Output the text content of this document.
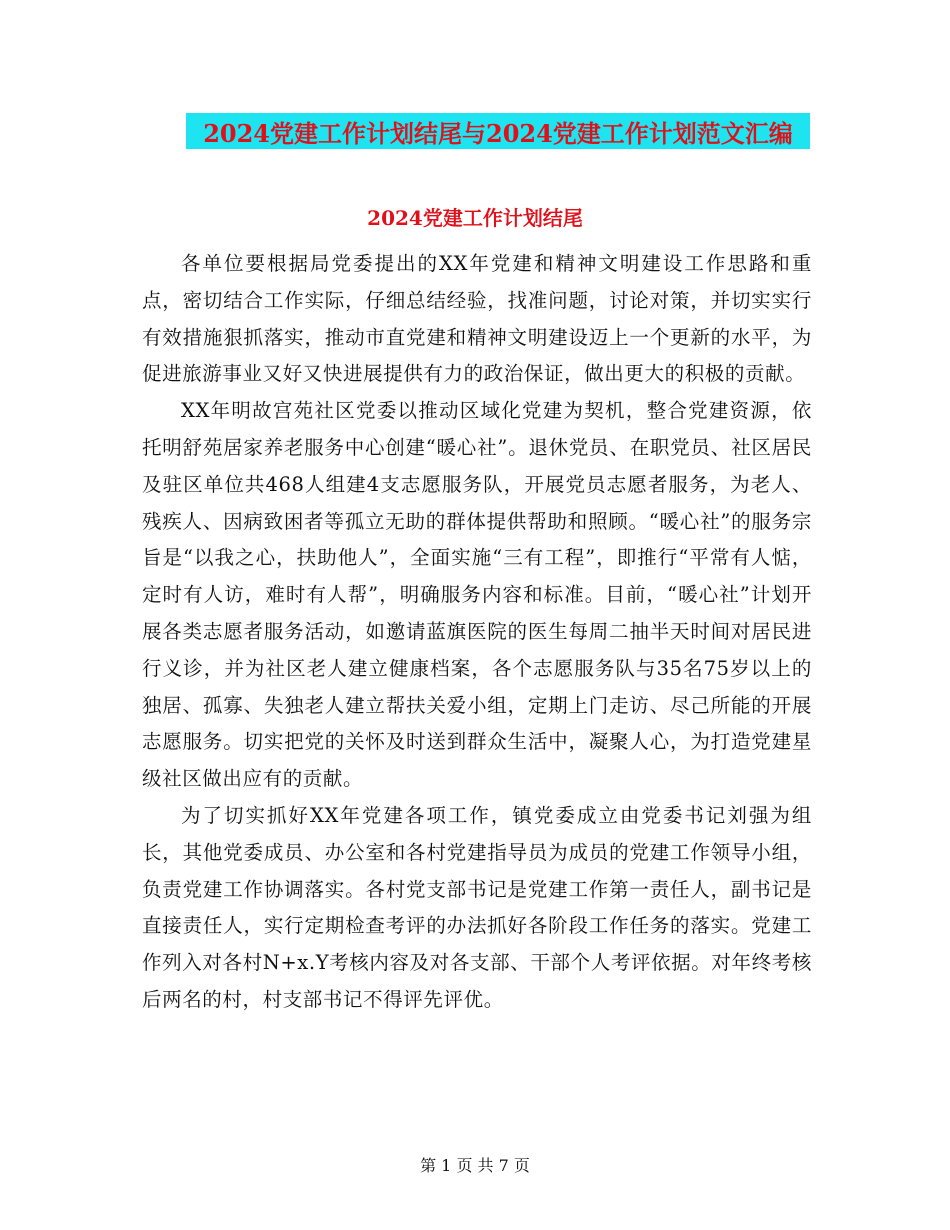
2024党建工作计划结尾与2024党建工作计划范文汇编
2024党建工作计划结尾

各单位要根据局党委提出的XX年党建和精神文明建设工作思路和重点，密切结合工作实际，仔细总结经验，找准问题，讨论对策，并切实实行有效措施狠抓落实，推动市直党建和精神文明建设迈上一个更新的水平，为促进旅游事业又好又快进展提供有力的政治保证，做出更大的积极的贡献。

XX年明故宫苑社区党委以推动区域化党建为契机，整合党建资源，依托明舒苑居家养老服务中心创建“暖心社”。退休党员、在职党员、社区居民及驻区单位共468人组建4支志愿服务队，开展党员志愿者服务，为老人、残疾人、因病致困者等孤立无助的群体提供帮助和照顾。“暖心社”的服务宗旨是“以我之心，扶助他人”，全面实施“三有工程”，即推行“平常有人惦，定时有人访，难时有人帮”，明确服务内容和标准。目前，“暖心社”计划开展各类志愿者服务活动，如邀请蓝旗医院的医生每周二抽半天时间对居民进行义诊，并为社区老人建立健康档案，各个志愿服务队与35名75岁以上的独居、孤寡、失独老人建立帮扶关爱小组，定期上门走访、尽己所能的开展志愿服务。切实把党的关怀及时送到群众生活中，凝聚人心，为打造党建星级社区做出应有的贡献。

为了切实抓好XX年党建各项工作，镇党委成立由党委书记刘强为组长，其他党委成员、办公室和各村党建指导员为成员的党建工作领导小组，负责党建工作协调落实。各村党支部书记是党建工作第一责任人，副书记是直接责任人，实行定期检查考评的办法抓好各阶段工作任务的落实。党建工作列入对各村N+x.Y考核内容及对各支部、干部个人考评依据。对年终考核后两名的村，村支部书记不得评先评优。

第 1 页 共 7 页
